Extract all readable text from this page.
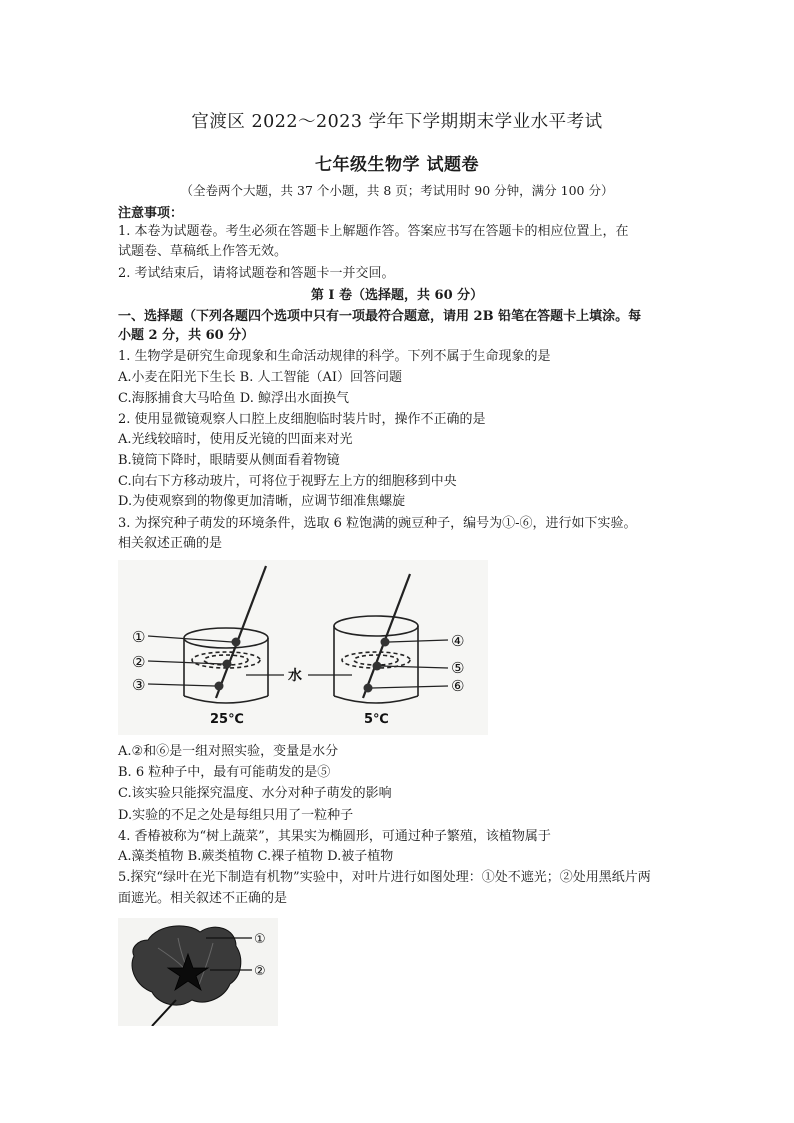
官渡区 2022～2023 学年下学期期末学业水平考试
七年级生物学 试题卷
（全卷两个大题，共 37 个小题，共 8 页；考试用时 90 分钟，满分 100 分）
注意事项：
1. 本卷为试题卷。考生必须在答题卡上解题作答。答案应书写在答题卡的相应位置上，在
试题卷、草稿纸上作答无效。
2. 考试结束后，请将试题卷和答题卡一并交回。
第 I 卷（选择题，共 60 分）
一、选择题（下列各题四个选项中只有一项最符合题意，请用 2B 铅笔在答题卡上填涂。每
小题 2 分，共 60 分）
1. 生物学是研究生命现象和生命活动规律的科学。下列不属于生命现象的是
A.小麦在阳光下生长 B. 人工智能（AI）回答问题
C.海豚捕食大马哈鱼 D. 鲸浮出水面换气
2. 使用显微镜观察人口腔上皮细胞临时装片时，操作不正确的是
A.光线较暗时，使用反光镜的凹面来对光
B.镜筒下降时，眼睛要从侧面看着物镜
C.向右下方移动玻片，可将位于视野左上方的细胞移到中央
D.为使观察到的物像更加清晰，应调节细准焦螺旋
3. 为探究种子萌发的环境条件，选取 6 粒饱满的豌豆种子，编号为①-⑥，进行如下实验。
相关叙述正确的是
①
②
③
25℃
④
⑤
⑥
5℃
水
A.②和⑥是一组对照实验，变量是水分
B. 6 粒种子中，最有可能萌发的是⑤
C.该实验只能探究温度、水分对种子萌发的影响
D.实验的不足之处是每组只用了一粒种子
4. 香椿被称为“树上蔬菜”，其果实为椭圆形，可通过种子繁殖，该植物属于
A.藻类植物 B.蕨类植物 C.裸子植物 D.被子植物
5.探究“绿叶在光下制造有机物”实验中，对叶片进行如图处理：①处不遮光；②处用黑纸片两
面遮光。相关叙述不正确的是
①
②
